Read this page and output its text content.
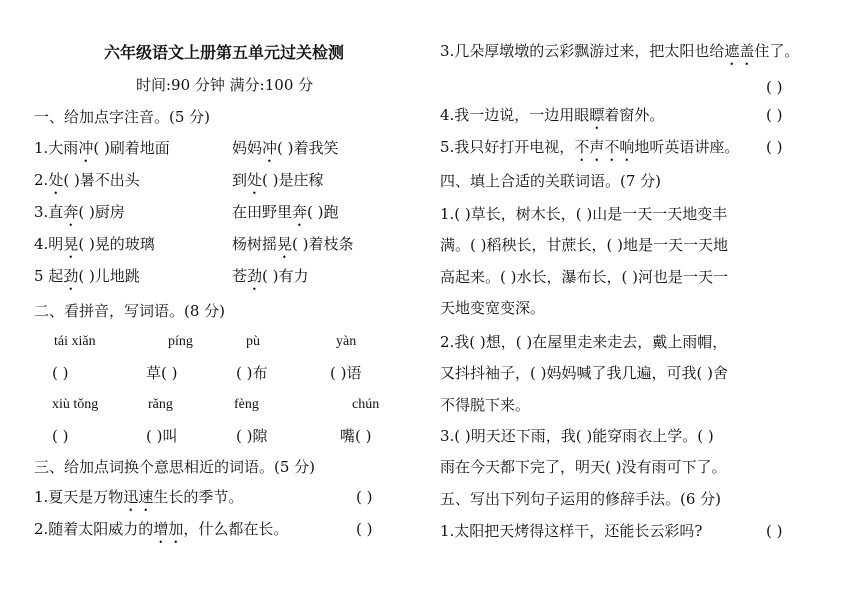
六年级语文上册第五单元过关检测
时间:90 分钟 满分:100 分
一、给加点字注音。(5 分)
1.大雨冲( )刷着地面	妈妈冲( )着我笑
2.处( )暑不出头	到处( )是庄稼
3.直奔( )厨房	在田野里奔( )跑
4.明晃( )晃的玻璃	杨树摇晃( )着枝条
5 起劲( )儿地跳	苍劲( )有力
二、看拼音，写词语。(8 分)
tái xiǎn	píng	pù	yàn
( )	草( )	( )布	( )语
xiù tǒng	rǎng	fèng	chún
( )	( )叫	( )隙	嘴( )
三、给加点词换个意思相近的词语。(5 分)
1.夏天是万物迅速生长的季节。	( )
2.随着太阳威力的增加，什么都在长。	( )
3.几朵厚墩墩的云彩飘游过来，把太阳也给遮盖住了。
( )
4.我一边说，一边用眼瞟着窗外。	( )
5.我只好打开电视，不声不响地听英语讲座。 ( )
四、填上合适的关联词语。(7 分)
1.( )草长，树木长，( )山是一天一天地变丰
满。( )稻秧长，甘蔗长，( )地是一天一天地
高起来。( )水长，瀑布长，( )河也是一天一
天地变宽变深。
2.我( )想，( )在屋里走来走去，戴上雨帽，
又抖抖袖子，( )妈妈喊了我几遍，可我( )舍
不得脱下来。
3.( )明天还下雨，我( )能穿雨衣上学。( )
雨在今天都下完了，明天( )没有雨可下了。
五、写出下列句子运用的修辞手法。(6 分)
1.太阳把天烤得这样干，还能长云彩吗?	( )
